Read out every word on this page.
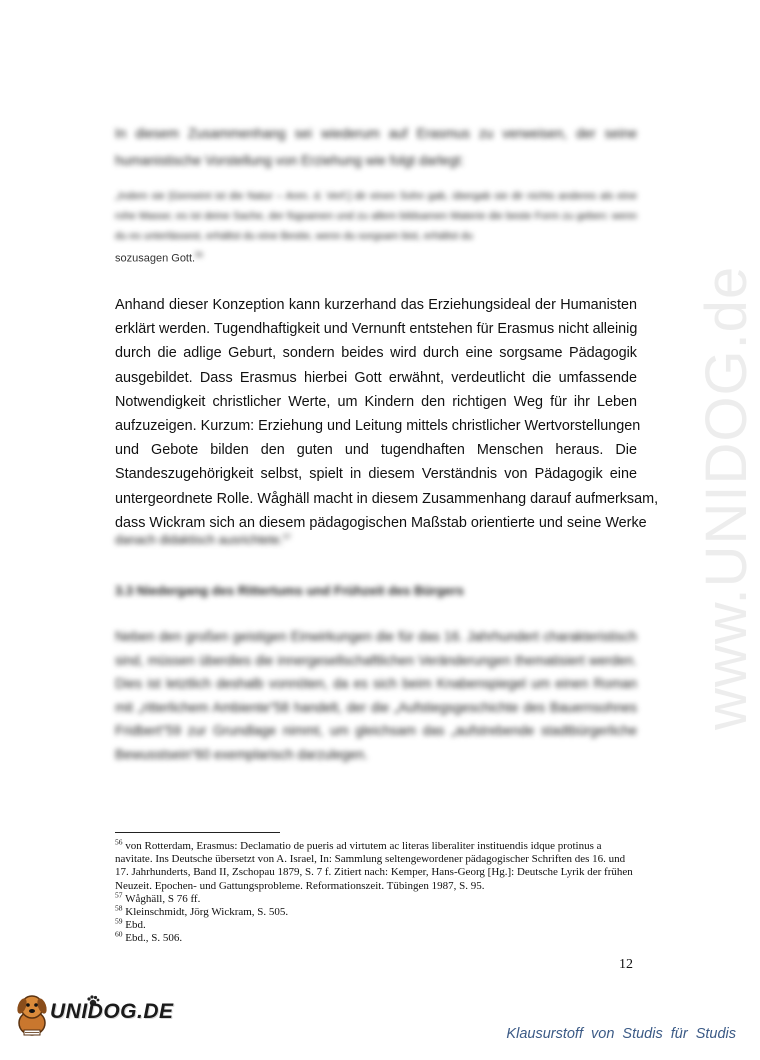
www.UNIDOG.de

In diesem Zusammenhang sei wiederum auf Erasmus zu verweisen, der seine humanistische Vorstellung von Erziehung wie folgt darlegt:

„Indem sie [Gemeint ist die Natur – Anm. d. Verf.] dir einen Sohn gab, übergab sie dir nichts anderes als eine rohe Masse; es ist deine Sache, der fügsamen und zu allem bildsamen Materie die beste Form zu geben: wenn du es unterlässest, erhältst du eine Bestie, wenn du sorgsam bist, erhältst du

sozusagen Gott.$^{56}$
Anhand dieser Konzeption kann kurzerhand das Erziehungsideal der Humanisten
erklärt werden. Tugendhaftigkeit und Vernunft entstehen für Erasmus nicht alleinig
durch die adlige Geburt, sondern beides wird durch eine sorgsame Pädagogik
ausgebildet. Dass Erasmus hierbei Gott erwähnt, verdeutlicht die umfassende
Notwendigkeit christlicher Werte, um Kindern den richtigen Weg für ihr Leben
aufzuzeigen. Kurzum: Erziehung und Leitung mittels christlicher Wertvorstellungen
und Gebote bilden den guten und tugendhaften Menschen heraus. Die
Standeszugehörigkeit selbst, spielt in diesem Verständnis von Pädagogik eine
untergeordnete Rolle. Wåghäll macht in diesem Zusammenhang darauf aufmerksam,
dass Wickram sich an diesem pädagogischen Maßstab orientierte und seine Werke
danach didaktisch ausrichtete.$^{57}$
3.3 Niedergang des Rittertums und Frühzeit des Bürgers

Neben den großen geistigen Einwirkungen die für das 16. Jahrhundert charakteristisch sind, müssen überdies die innergesellschaftlichen Veränderungen thematisiert werden. Dies ist letztlich deshalb vonnöten, da es sich beim Knabenspiegel um einen Roman mit „ritterlichem Ambiente“58 handelt, der die „Aufstiegsgeschichte des Bauernsohnes Fridbert“59 zur Grundlage nimmt, um gleichsam das „aufstrebende stadtbürgerliche Bewusstsein“60 exemplarisch darzulegen.

$^{56}$ von Rotterdam, Erasmus: Declamatio de pueris ad virtutem ac literas liberaliter instituendis idque protinus a navitate. Ins Deutsche übersetzt von A. Israel, In: Sammlung seltengewordener pädagogischer Schriften des 16. und 17. Jahrhunderts, Band II, Zschopau 1879, S. 7 f. Zitiert nach: Kemper, Hans-Georg [Hg.]: Deutsche Lyrik der frühen Neuzeit. Epochen- und Gattungsprobleme. Reformationszeit. Tübingen 1987, S. 95.
$^{57}$ Wåghäll, S 76 ff.
$^{58}$ Kleinschmidt, Jörg Wickram, S. 505.
$^{59}$ Ebd.
$^{60}$ Ebd., S. 506.
12
UNIDOG.DE
Klausurstoff von Studis für Studis
